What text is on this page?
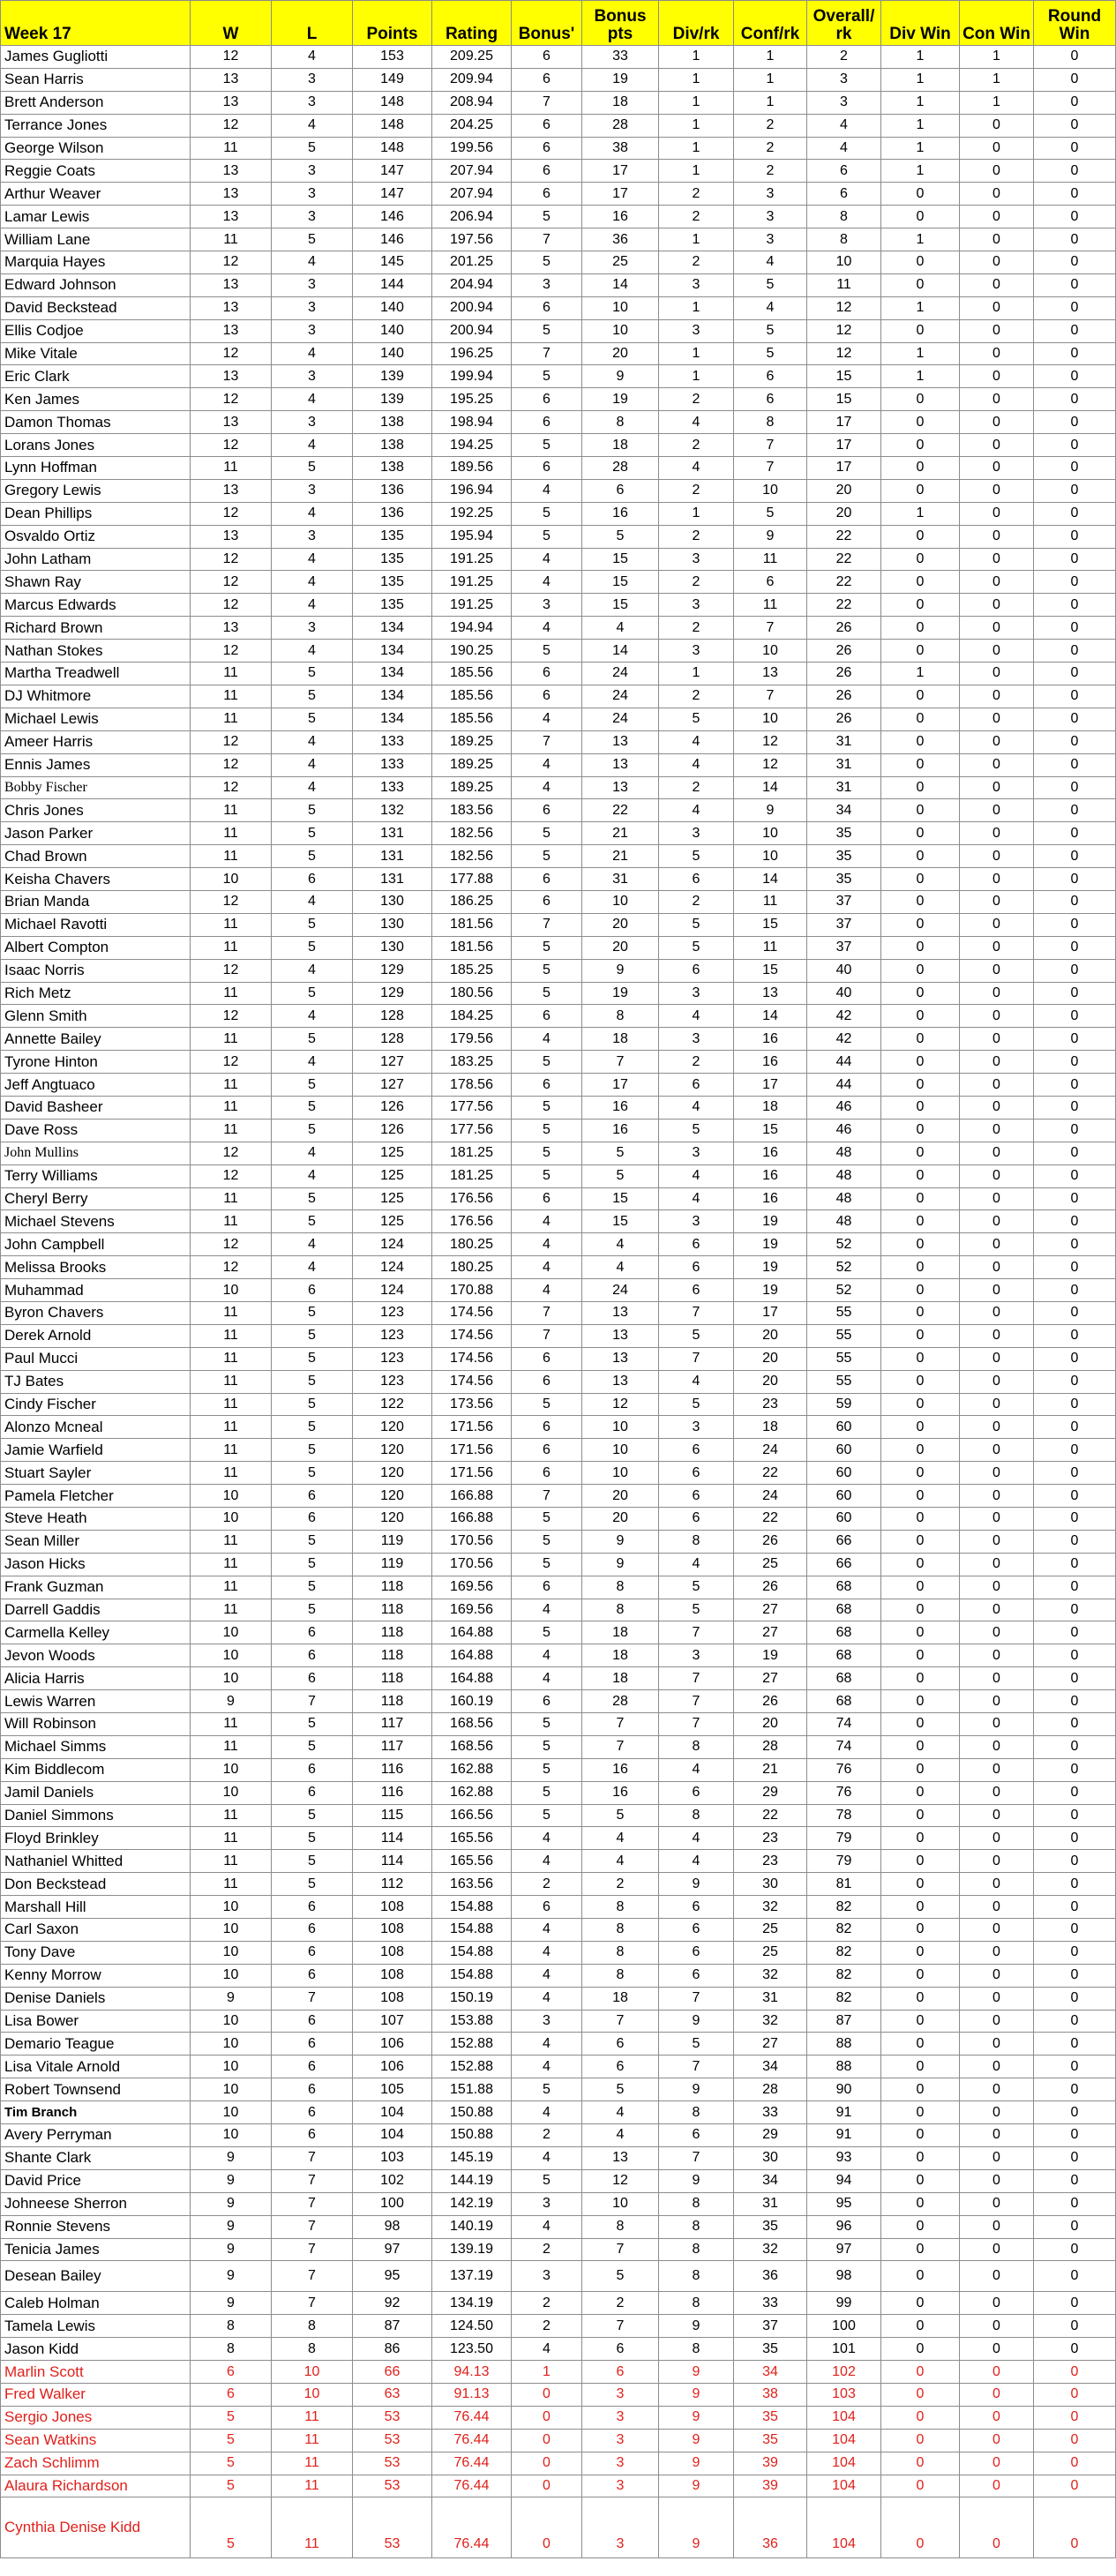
Week 17	W	L	Points	Rating	Bonus'	Bonus pts	Div/rk	Conf/rk	Overall/ rk	Div Win	Con Win	Round Win
James Gugliotti	12	4	153	209.25	6	33	1	1	2	1	1	0
Sean Harris	13	3	149	209.94	6	19	1	1	3	1	1	0
Brett Anderson	13	3	148	208.94	7	18	1	1	3	1	1	0
Terrance Jones	12	4	148	204.25	6	28	1	2	4	1	0	0
George Wilson	11	5	148	199.56	6	38	1	2	4	1	0	0
Reggie Coats	13	3	147	207.94	6	17	1	2	6	1	0	0
Arthur Weaver	13	3	147	207.94	6	17	2	3	6	0	0	0
Lamar Lewis	13	3	146	206.94	5	16	2	3	8	0	0	0
William Lane	11	5	146	197.56	7	36	1	3	8	1	0	0
Marquia Hayes	12	4	145	201.25	5	25	2	4	10	0	0	0
Edward Johnson	13	3	144	204.94	3	14	3	5	11	0	0	0
David Beckstead	13	3	140	200.94	6	10	1	4	12	1	0	0
Ellis Codjoe	13	3	140	200.94	5	10	3	5	12	0	0	0
Mike Vitale	12	4	140	196.25	7	20	1	5	12	1	0	0
Eric Clark	13	3	139	199.94	5	9	1	6	15	1	0	0
Ken James	12	4	139	195.25	6	19	2	6	15	0	0	0
Damon Thomas	13	3	138	198.94	6	8	4	8	17	0	0	0
Lorans Jones	12	4	138	194.25	5	18	2	7	17	0	0	0
Lynn Hoffman	11	5	138	189.56	6	28	4	7	17	0	0	0
Gregory Lewis	13	3	136	196.94	4	6	2	10	20	0	0	0
Dean Phillips	12	4	136	192.25	5	16	1	5	20	1	0	0
Osvaldo Ortiz	13	3	135	195.94	5	5	2	9	22	0	0	0
John Latham	12	4	135	191.25	4	15	3	11	22	0	0	0
Shawn Ray	12	4	135	191.25	4	15	2	6	22	0	0	0
Marcus Edwards	12	4	135	191.25	3	15	3	11	22	0	0	0
Richard Brown	13	3	134	194.94	4	4	2	7	26	0	0	0
Nathan Stokes	12	4	134	190.25	5	14	3	10	26	0	0	0
Martha Treadwell	11	5	134	185.56	6	24	1	13	26	1	0	0
DJ Whitmore	11	5	134	185.56	6	24	2	7	26	0	0	0
Michael Lewis	11	5	134	185.56	4	24	5	10	26	0	0	0
Ameer Harris	12	4	133	189.25	7	13	4	12	31	0	0	0
Ennis James	12	4	133	189.25	4	13	4	12	31	0	0	0
Bobby Fischer	12	4	133	189.25	4	13	2	14	31	0	0	0
Chris Jones	11	5	132	183.56	6	22	4	9	34	0	0	0
Jason Parker	11	5	131	182.56	5	21	3	10	35	0	0	0
Chad Brown	11	5	131	182.56	5	21	5	10	35	0	0	0
Keisha Chavers	10	6	131	177.88	6	31	6	14	35	0	0	0
Brian Manda	12	4	130	186.25	6	10	2	11	37	0	0	0
Michael Ravotti	11	5	130	181.56	7	20	5	15	37	0	0	0
Albert Compton	11	5	130	181.56	5	20	5	11	37	0	0	0
Isaac Norris	12	4	129	185.25	5	9	6	15	40	0	0	0
Rich Metz	11	5	129	180.56	5	19	3	13	40	0	0	0
Glenn Smith	12	4	128	184.25	6	8	4	14	42	0	0	0
Annette Bailey	11	5	128	179.56	4	18	3	16	42	0	0	0
Tyrone Hinton	12	4	127	183.25	5	7	2	16	44	0	0	0
Jeff Angtuaco	11	5	127	178.56	6	17	6	17	44	0	0	0
David Basheer	11	5	126	177.56	5	16	4	18	46	0	0	0
Dave Ross	11	5	126	177.56	5	16	5	15	46	0	0	0
John Mullins	12	4	125	181.25	5	5	3	16	48	0	0	0
Terry Williams	12	4	125	181.25	5	5	4	16	48	0	0	0
Cheryl Berry	11	5	125	176.56	6	15	4	16	48	0	0	0
Michael Stevens	11	5	125	176.56	4	15	3	19	48	0	0	0
John Campbell	12	4	124	180.25	4	4	6	19	52	0	0	0
Melissa Brooks	12	4	124	180.25	4	4	6	19	52	0	0	0
Muhammad	10	6	124	170.88	4	24	6	19	52	0	0	0
Byron Chavers	11	5	123	174.56	7	13	7	17	55	0	0	0
Derek Arnold	11	5	123	174.56	7	13	5	20	55	0	0	0
Paul Mucci	11	5	123	174.56	6	13	7	20	55	0	0	0
TJ Bates	11	5	123	174.56	6	13	4	20	55	0	0	0
Cindy Fischer	11	5	122	173.56	5	12	5	23	59	0	0	0
Alonzo Mcneal	11	5	120	171.56	6	10	3	18	60	0	0	0
Jamie Warfield	11	5	120	171.56	6	10	6	24	60	0	0	0
Stuart Sayler	11	5	120	171.56	6	10	6	22	60	0	0	0
Pamela Fletcher	10	6	120	166.88	7	20	6	24	60	0	0	0
Steve Heath	10	6	120	166.88	5	20	6	22	60	0	0	0
Sean Miller	11	5	119	170.56	5	9	8	26	66	0	0	0
Jason Hicks	11	5	119	170.56	5	9	4	25	66	0	0	0
Frank Guzman	11	5	118	169.56	6	8	5	26	68	0	0	0
Darrell Gaddis	11	5	118	169.56	4	8	5	27	68	0	0	0
Carmella Kelley	10	6	118	164.88	5	18	7	27	68	0	0	0
Jevon Woods	10	6	118	164.88	4	18	3	19	68	0	0	0
Alicia Harris	10	6	118	164.88	4	18	7	27	68	0	0	0
Lewis Warren	9	7	118	160.19	6	28	7	26	68	0	0	0
Will Robinson	11	5	117	168.56	5	7	7	20	74	0	0	0
Michael Simms	11	5	117	168.56	5	7	8	28	74	0	0	0
Kim Biddlecom	10	6	116	162.88	5	16	4	21	76	0	0	0
Jamil Daniels	10	6	116	162.88	5	16	6	29	76	0	0	0
Daniel Simmons	11	5	115	166.56	5	5	8	22	78	0	0	0
Floyd Brinkley	11	5	114	165.56	4	4	4	23	79	0	0	0
Nathaniel Whitted	11	5	114	165.56	4	4	4	23	79	0	0	0
Don Beckstead	11	5	112	163.56	2	2	9	30	81	0	0	0
Marshall Hill	10	6	108	154.88	6	8	6	32	82	0	0	0
Carl Saxon	10	6	108	154.88	4	8	6	25	82	0	0	0
Tony Dave	10	6	108	154.88	4	8	6	25	82	0	0	0
Kenny Morrow	10	6	108	154.88	4	8	6	32	82	0	0	0
Denise Daniels	9	7	108	150.19	4	18	7	31	82	0	0	0
Lisa Bower	10	6	107	153.88	3	7	9	32	87	0	0	0
Demario Teague	10	6	106	152.88	4	6	5	27	88	0	0	0
Lisa Vitale Arnold	10	6	106	152.88	4	6	7	34	88	0	0	0
Robert Townsend	10	6	105	151.88	5	5	9	28	90	0	0	0
Tim Branch	10	6	104	150.88	4	4	8	33	91	0	0	0
Avery Perryman	10	6	104	150.88	2	4	6	29	91	0	0	0
Shante Clark	9	7	103	145.19	4	13	7	30	93	0	0	0
David Price	9	7	102	144.19	5	12	9	34	94	0	0	0
Johneese Sherron	9	7	100	142.19	3	10	8	31	95	0	0	0
Ronnie Stevens	9	7	98	140.19	4	8	8	35	96	0	0	0
Tenicia James	9	7	97	139.19	2	7	8	32	97	0	0	0
Desean Bailey	9	7	95	137.19	3	5	8	36	98	0	0	0
Caleb Holman	9	7	92	134.19	2	2	8	33	99	0	0	0
Tamela Lewis	8	8	87	124.50	2	7	9	37	100	0	0	0
Jason Kidd	8	8	86	123.50	4	6	8	35	101	0	0	0
Marlin Scott	6	10	66	94.13	1	6	9	34	102	0	0	0
Fred Walker	6	10	63	91.13	0	3	9	38	103	0	0	0
Sergio Jones	5	11	53	76.44	0	3	9	35	104	0	0	0
Sean Watkins	5	11	53	76.44	0	3	9	35	104	0	0	0
Zach Schlimm	5	11	53	76.44	0	3	9	39	104	0	0	0
Alaura Richardson	5	11	53	76.44	0	3	9	39	104	0	0	0
Cynthia Denise Kidd	5	11	53	76.44	0	3	9	36	104	0	0	0
